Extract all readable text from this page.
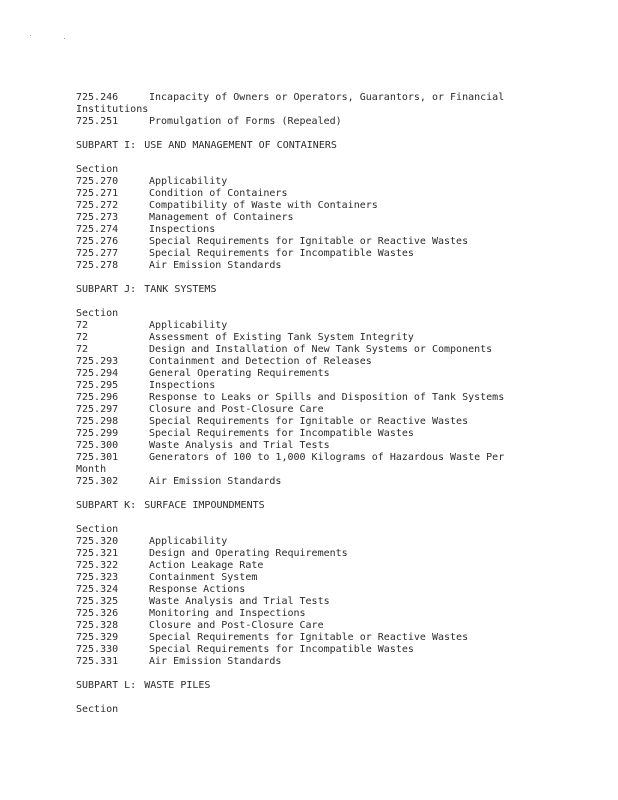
725.246	Incapacity of Owners or Operators, Guarantors, or Financial
Institutions
725.251	Promulgation of Forms (Repealed)
SUBPART I: USE AND MANAGEMENT OF CONTAINERS
Section
725.270	Applicability
725.271	Condition of Containers
725.272	Compatibility of Waste with Containers
725.273	Management of Containers
725.274	Inspections
725.276	Special Requirements for Ignitable or Reactive Wastes
725.277	Special Requirements for Incompatible Wastes
725.278	Air Emission Standards
SUBPART J: TANK SYSTEMS
Section
72	Applicability
72	Assessment of Existing Tank System Integrity
72	Design and Installation of New Tank Systems or Components
725.293	Containment and Detection of Releases
725.294	General Operating Requirements
725.295	Inspections
725.296	Response to Leaks or Spills and Disposition of Tank Systems
725.297	Closure and Post-Closure Care
725.298	Special Requirements for Ignitable or Reactive Wastes
725.299	Special Requirements for Incompatible Wastes
725.300	Waste Analysis and Trial Tests
725.301	Generators of 100 to 1,000 Kilograms of Hazardous Waste Per
Month
725.302	Air Emission Standards
SUBPART K: SURFACE IMPOUNDMENTS
Section
725.320	Applicability
725.321	Design and Operating Requirements
725.322	Action Leakage Rate
725.323	Containment System
725.324	Response Actions
725.325	Waste Analysis and Trial Tests
725.326	Monitoring and Inspections
725.328	Closure and Post-Closure Care
725.329	Special Requirements for Ignitable or Reactive Wastes
725.330	Special Requirements for Incompatible Wastes
725.331	Air Emission Standards
SUBPART L: WASTE PILES
Section
